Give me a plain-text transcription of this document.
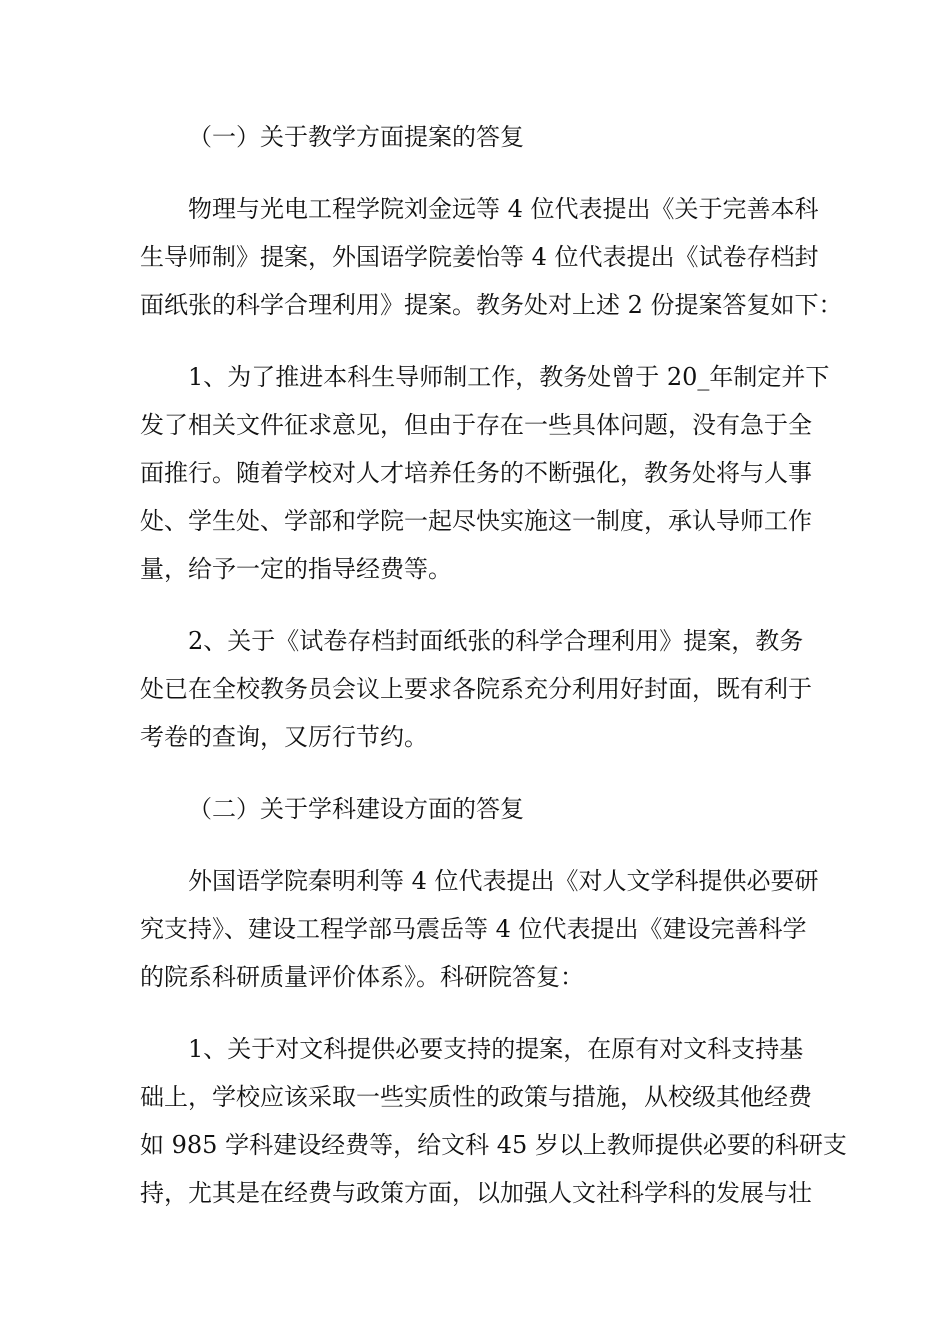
（一）关于教学方面提案的答复
物理与光电工程学院刘金远等 4 位代表提出《关于完善本科
生导师制》提案，外国语学院姜怡等 4 位代表提出《试卷存档封
面纸张的科学合理利用》提案。教务处对上述 2 份提案答复如下：
1、为了推进本科生导师制工作，教务处曾于 20_年制定并下
发了相关文件征求意见，但由于存在一些具体问题，没有急于全
面推行。随着学校对人才培养任务的不断强化，教务处将与人事
处、学生处、学部和学院一起尽快实施这一制度，承认导师工作
量，给予一定的指导经费等。
2、关于《试卷存档封面纸张的科学合理利用》提案，教务
处已在全校教务员会议上要求各院系充分利用好封面，既有利于
考卷的查询，又厉行节约。
（二）关于学科建设方面的答复
外国语学院秦明利等 4 位代表提出《对人文学科提供必要研
究支持》、建设工程学部马震岳等 4 位代表提出《建设完善科学
的院系科研质量评价体系》。科研院答复：
1、关于对文科提供必要支持的提案，在原有对文科支持基
础上，学校应该采取一些实质性的政策与措施，从校级其他经费
如 985 学科建设经费等，给文科 45 岁以上教师提供必要的科研支
持，尤其是在经费与政策方面，以加强人文社科学科的发展与壮
